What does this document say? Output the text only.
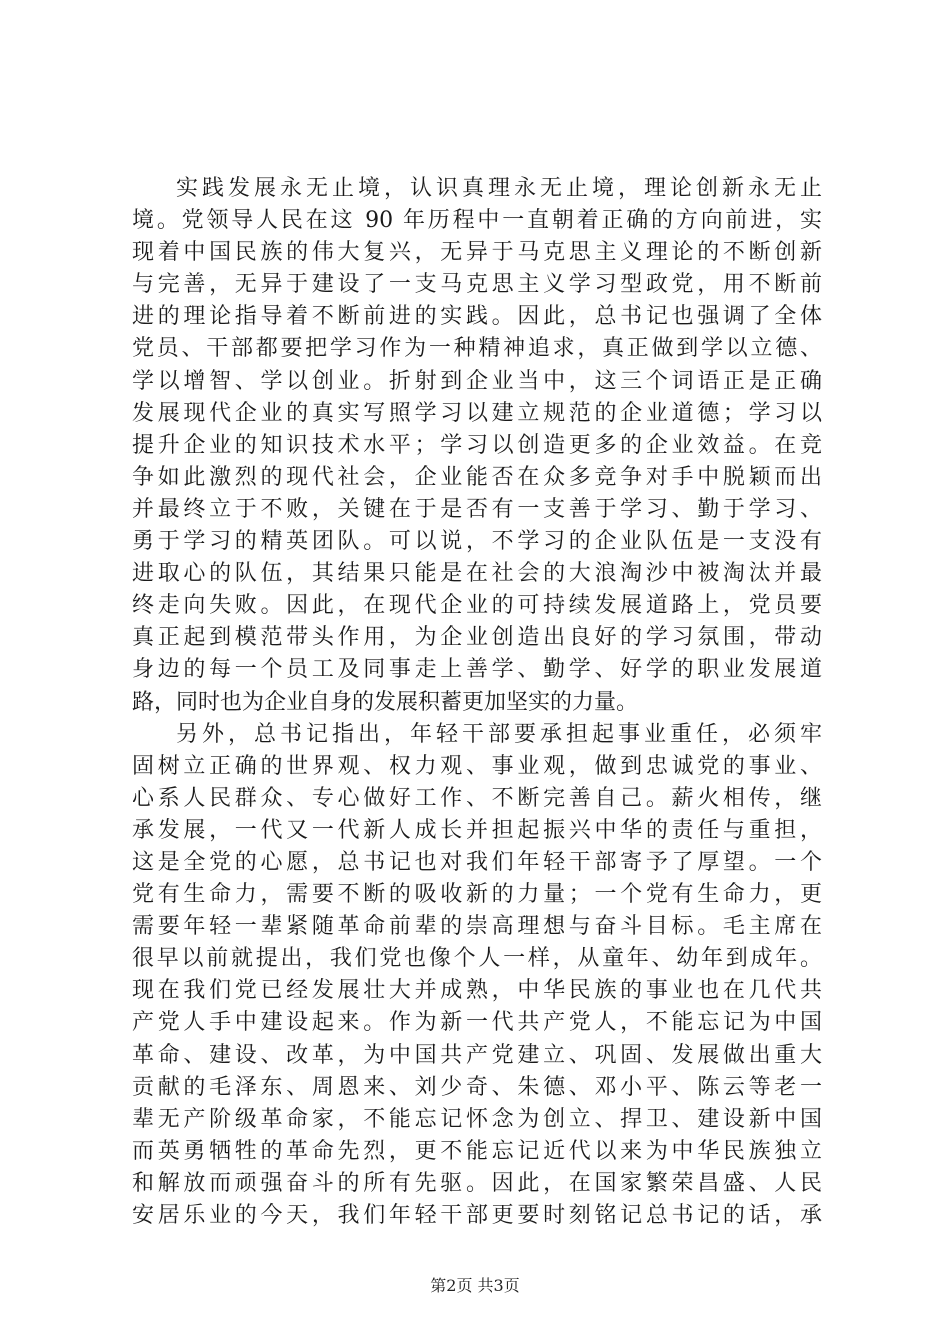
实践发展永无止境，认识真理永无止境，理论创新永无止
境。党领导人民在这 90 年历程中一直朝着正确的方向前进，实
现着中国民族的伟大复兴，无异于马克思主义理论的不断创新
与完善，无异于建设了一支马克思主义学习型政党，用不断前
进的理论指导着不断前进的实践。因此，总书记也强调了全体
党员、干部都要把学习作为一种精神追求，真正做到学以立德、
学以增智、学以创业。折射到企业当中，这三个词语正是正确
发展现代企业的真实写照学习以建立规范的企业道德；学习以
提升企业的知识技术水平；学习以创造更多的企业效益。在竞
争如此激烈的现代社会，企业能否在众多竞争对手中脱颖而出
并最终立于不败，关键在于是否有一支善于学习、勤于学习、
勇于学习的精英团队。可以说，不学习的企业队伍是一支没有
进取心的队伍，其结果只能是在社会的大浪淘沙中被淘汰并最
终走向失败。因此，在现代企业的可持续发展道路上，党员要
真正起到模范带头作用，为企业创造出良好的学习氛围，带动
身边的每一个员工及同事走上善学、勤学、好学的职业发展道
路，同时也为企业自身的发展积蓄更加坚实的力量。
另外，总书记指出，年轻干部要承担起事业重任，必须牢
固树立正确的世界观、权力观、事业观，做到忠诚党的事业、
心系人民群众、专心做好工作、不断完善自己。薪火相传，继
承发展，一代又一代新人成长并担起振兴中华的责任与重担，
这是全党的心愿，总书记也对我们年轻干部寄予了厚望。一个
党有生命力，需要不断的吸收新的力量；一个党有生命力，更
需要年轻一辈紧随革命前辈的崇高理想与奋斗目标。毛主席在
很早以前就提出，我们党也像个人一样，从童年、幼年到成年。
现在我们党已经发展壮大并成熟，中华民族的事业也在几代共
产党人手中建设起来。作为新一代共产党人，不能忘记为中国
革命、建设、改革，为中国共产党建立、巩固、发展做出重大
贡献的毛泽东、周恩来、刘少奇、朱德、邓小平、陈云等老一
辈无产阶级革命家，不能忘记怀念为创立、捍卫、建设新中国
而英勇牺牲的革命先烈，更不能忘记近代以来为中华民族独立
和解放而顽强奋斗的所有先驱。因此，在国家繁荣昌盛、人民
安居乐业的今天，我们年轻干部更要时刻铭记总书记的话，承
第2页 共3页
